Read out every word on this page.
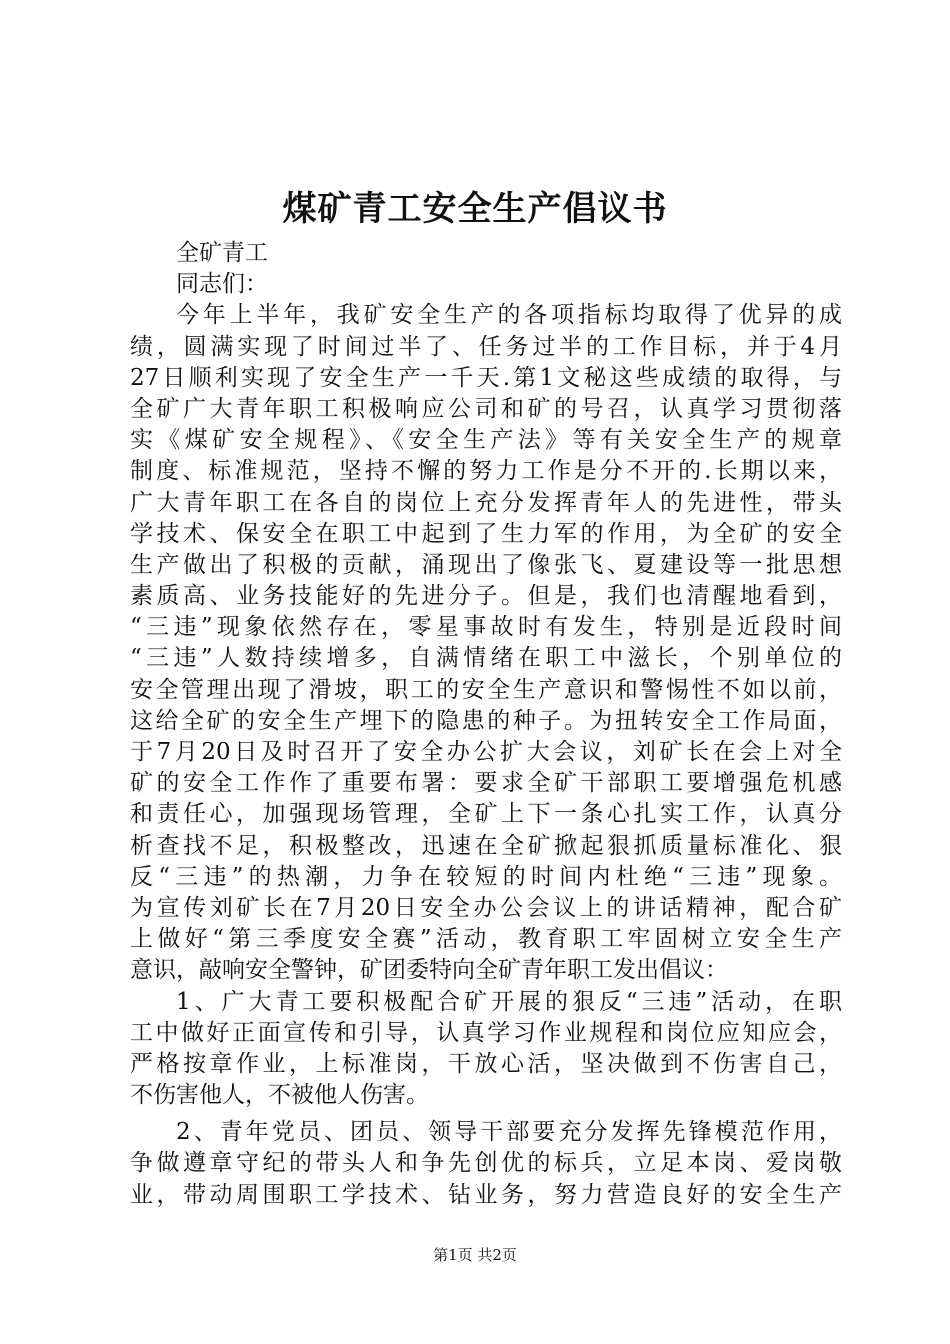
煤矿青工安全生产倡议书
全矿青工
同志们：
今年上半年，我矿安全生产的各项指标均取得了优异的成
绩，圆满实现了时间过半了、任务过半的工作目标，并于4月
27日顺利实现了安全生产一千天.第1文秘这些成绩的取得，与
全矿广大青年职工积极响应公司和矿的号召，认真学习贯彻落
实《煤矿安全规程》、《安全生产法》等有关安全生产的规章
制度、标准规范，坚持不懈的努力工作是分不开的.长期以来，
广大青年职工在各自的岗位上充分发挥青年人的先进性，带头
学技术、保安全在职工中起到了生力军的作用，为全矿的安全
生产做出了积极的贡献，涌现出了像张飞、夏建设等一批思想
素质高、业务技能好的先进分子。但是，我们也清醒地看到，
“三违”现象依然存在，零星事故时有发生，特别是近段时间
“三违”人数持续增多，自满情绪在职工中滋长，个别单位的
安全管理出现了滑坡，职工的安全生产意识和警惕性不如以前，
这给全矿的安全生产埋下的隐患的种子。为扭转安全工作局面，
于7月20日及时召开了安全办公扩大会议，刘矿长在会上对全
矿的安全工作作了重要布署：要求全矿干部职工要增强危机感
和责任心，加强现场管理，全矿上下一条心扎实工作，认真分
析查找不足，积极整改，迅速在全矿掀起狠抓质量标准化、狠
反“三违”的热潮，力争在较短的时间内杜绝“三违”现象。
为宣传刘矿长在7月20日安全办公会议上的讲话精神，配合矿
上做好“第三季度安全赛”活动，教育职工牢固树立安全生产
意识，敲响安全警钟，矿团委特向全矿青年职工发出倡议：
1、广大青工要积极配合矿开展的狠反“三违”活动，在职
工中做好正面宣传和引导，认真学习作业规程和岗位应知应会，
严格按章作业，上标准岗，干放心活，坚决做到不伤害自己，
不伤害他人，不被他人伤害。
2、青年党员、团员、领导干部要充分发挥先锋模范作用，
争做遵章守纪的带头人和争先创优的标兵，立足本岗、爱岗敬
业，带动周围职工学技术、钻业务，努力营造良好的安全生产
第1页 共2页
